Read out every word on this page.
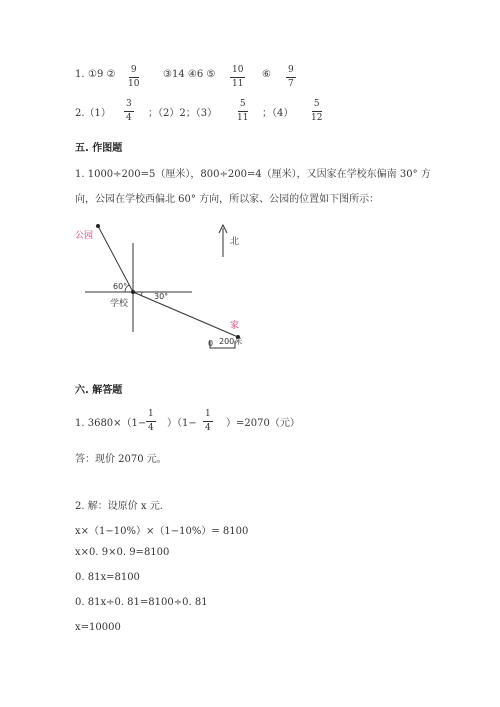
1. ①9 ② $\frac{9}{10}$ ③14 ④6 ⑤ $\frac{10}{11}$ ⑥ $\frac{9}{7}$
$2.(1) \frac{3}{4}$ ；（2）2；$(3) \frac{5}{11}$ ；$(4) \frac{5}{12}$
五. 作图题
1. 1000÷200=5（厘米），800÷200=4（厘米），又因家在学校东偏南 30° 方
向，公园在学校西偏北 60° 方向，所以家、公园的位置如下图所示：
公园
60°
30°
学校
家
北
0 200米
六. 解答题
1. $3680\times(1- \frac{1}{4} )(1- \frac{1}{4} )=2070$（元）
答：现价 2070 元。
2. 解：设原价 x 元.
x×（1−10%）×（1−10%）= 8100
x×0. 9×0. 9=8100
0. 81x=8100
0. 81x÷0. 81=8100÷0. 81
x=10000
